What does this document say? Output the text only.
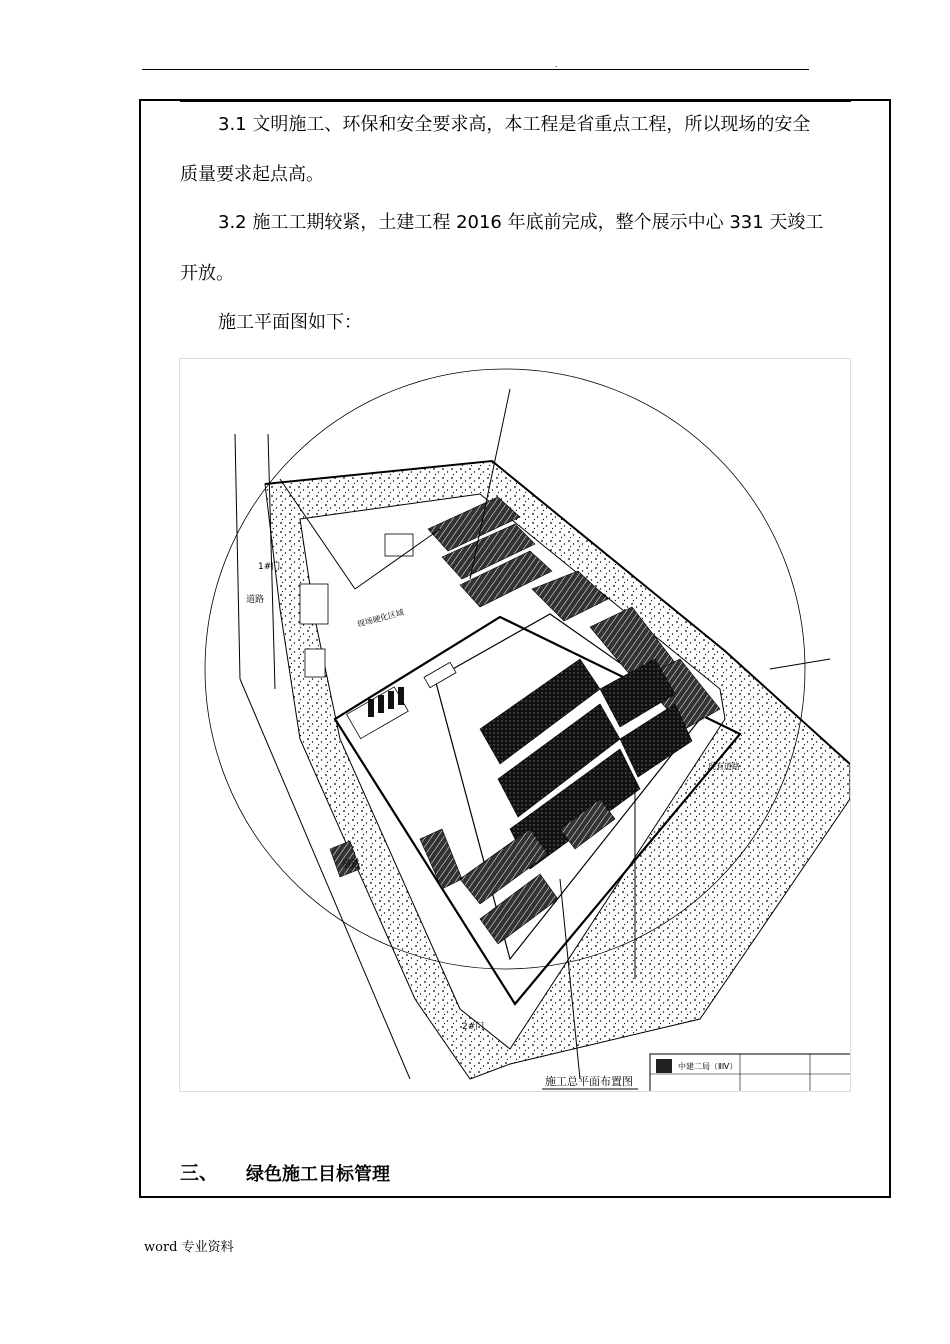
.
3.1 文明施工、环保和安全要求高，本工程是省重点工程，所以现场的安全
质量要求起点高。
3.2 施工工期较紧，土建工程 2016 年底前完成，整个展示中心 331 天竣工
开放。
施工平面图如下：
1#门
道路
现场硬化区域
现有道路
道路
2#门
中建二局（ⅡⅣ）
施工总平面布置图
三、 绿色施工目标管理
word 专业资料
